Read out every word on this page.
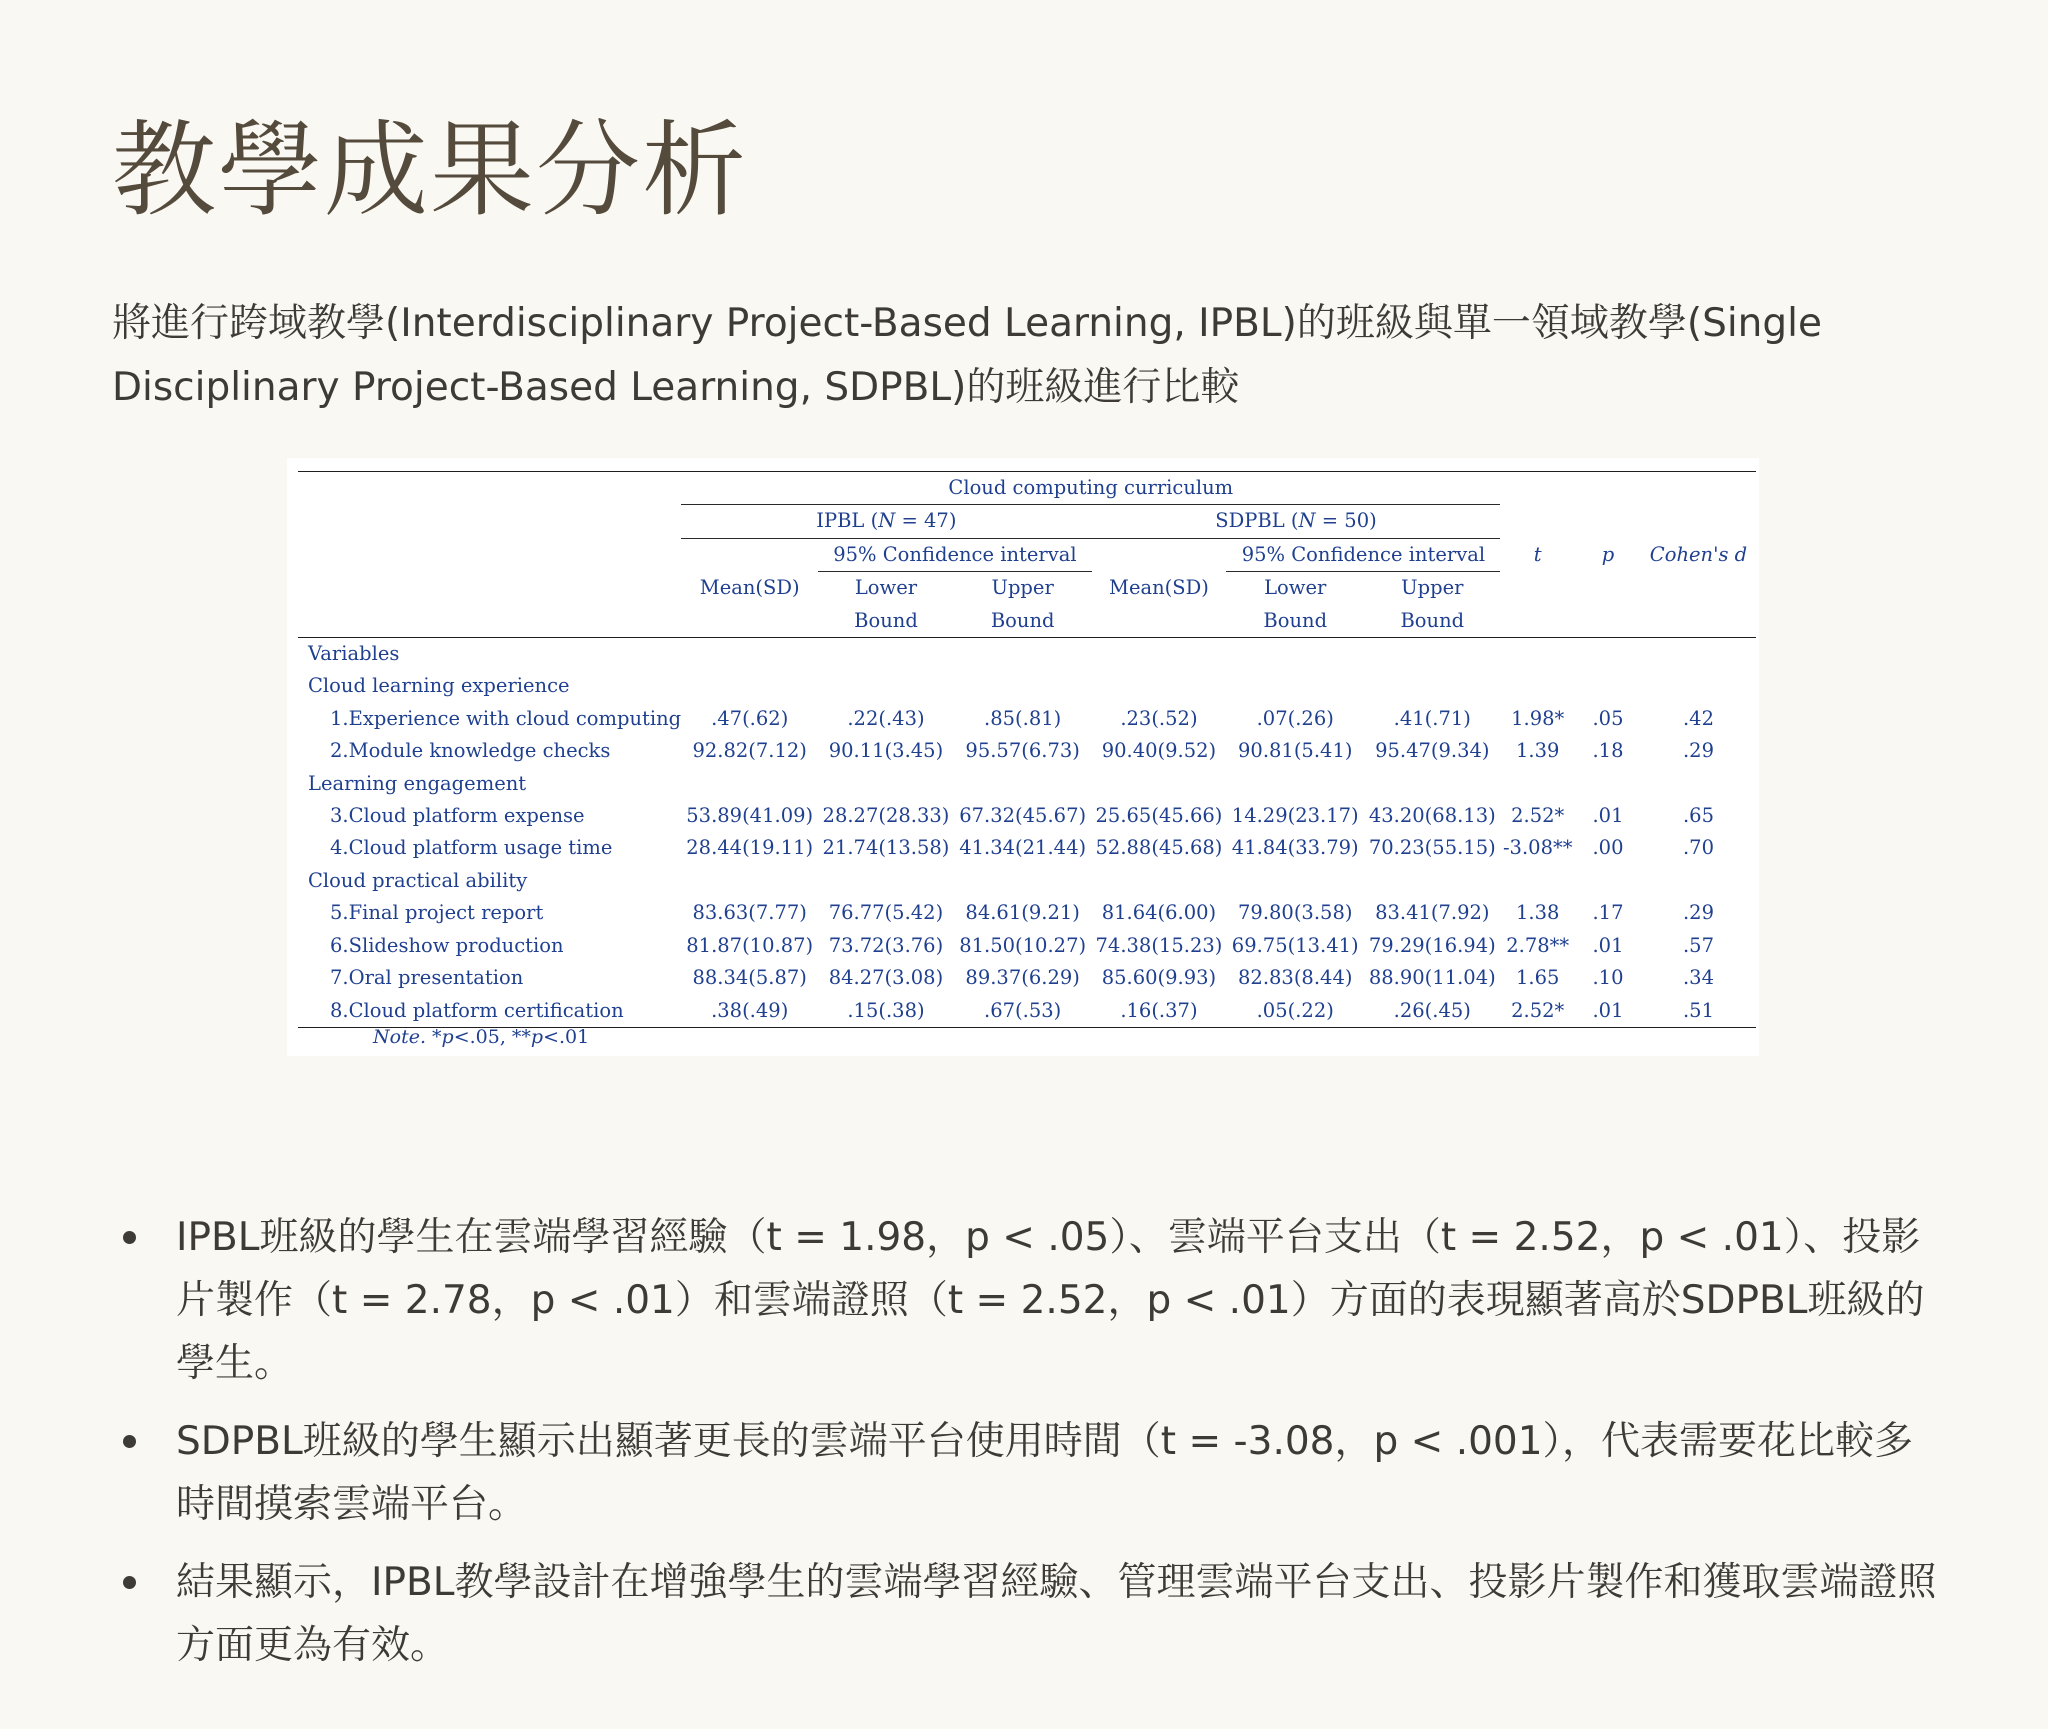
教學成果分析

將進行跨域教學(Interdisciplinary Project-Based Learning, IPBL)的班級與單一領域教學(Single Disciplinary Project-Based Learning, SDPBL)的班級進行比較

	Cloud computing curriculum								
	IPBL (N = 47)			SDPBL (N = 50)					
		95% Confidence interval			95% Confidence interval		t	p	Cohen's d
	Mean(SD)	Lower	Upper	Mean(SD)	Lower	Upper			
		Bound	Bound		Bound	Bound			
Variables									
Cloud learning experience									
1.Experience with cloud computing	.47(.62)	.22(.43)	.85(.81)	.23(.52)	.07(.26)	.41(.71)	1.98*	.05	.42
2.Module knowledge checks	92.82(7.12)	90.11(3.45)	95.57(6.73)	90.40(9.52)	90.81(5.41)	95.47(9.34)	1.39	.18	.29
Learning engagement									
3.Cloud platform expense	53.89(41.09)	28.27(28.33)	67.32(45.67)	25.65(45.66)	14.29(23.17)	43.20(68.13)	2.52*	.01	.65
4.Cloud platform usage time	28.44(19.11)	21.74(13.58)	41.34(21.44)	52.88(45.68)	41.84(33.79)	70.23(55.15)	-3.08**	.00	.70
Cloud practical ability									
5.Final project report	83.63(7.77)	76.77(5.42)	84.61(9.21)	81.64(6.00)	79.80(3.58)	83.41(7.92)	1.38	.17	.29
6.Slideshow production	81.87(10.87)	73.72(3.76)	81.50(10.27)	74.38(15.23)	69.75(13.41)	79.29(16.94)	2.78**	.01	.57
7.Oral presentation	88.34(5.87)	84.27(3.08)	89.37(6.29)	85.60(9.93)	82.83(8.44)	88.90(11.04)	1.65	.10	.34
8.Cloud platform certification	.38(.49)	.15(.38)	.67(.53)	.16(.37)	.05(.22)	.26(.45)	2.52*	.01	.51
Note. *p<.05, **p<.01
IPBL班級的學生在雲端學習經驗（t = 1.98，p < .05）、雲端平台支出（t = 2.52，p < .01）、投影片製作（t = 2.78，p < .01）和雲端證照（t = 2.52，p < .01）方面的表現顯著高於SDPBL班級的學生。
SDPBL班級的學生顯示出顯著更長的雲端平台使用時間（t = -3.08，p < .001），代表需要花比較多時間摸索雲端平台。
結果顯示，IPBL教學設計在增強學生的雲端學習經驗、管理雲端平台支出、投影片製作和獲取雲端證照方面更為有效。
